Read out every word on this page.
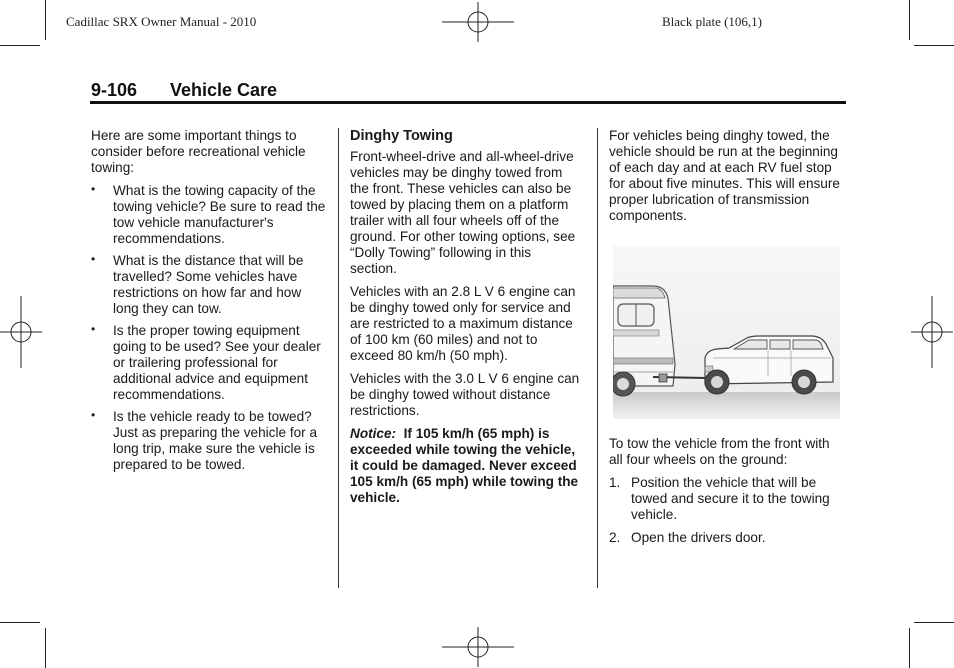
Cadillac SRX Owner Manual - 2010	Black plate (106,1)
9-106 Vehicle Care

Here are some important things to consider before recreational vehicle towing:

• What is the towing capacity of the towing vehicle? Be sure to read the tow vehicle manufacturer's recommendations.
• What is the distance that will be travelled? Some vehicles have restrictions on how far and how long they can tow.
• Is the proper towing equipment going to be used? See your dealer or trailering professional for additional advice and equipment recommendations.
• Is the vehicle ready to be towed? Just as preparing the vehicle for a long trip, make sure the vehicle is prepared to be towed.
Dinghy Towing

Front-wheel-drive and all-wheel-drive vehicles may be dinghy towed from the front. These vehicles can also be towed by placing them on a platform trailer with all four wheels off of the ground. For other towing options, see “Dolly Towing” following in this section.

Vehicles with an 2.8 L V 6 engine can be dinghy towed only for service and are restricted to a maximum distance of 100 km (60 miles) and not to exceed 80 km/h (50 mph).

Vehicles with the 3.0 L V 6 engine can be dinghy towed without distance restrictions.

Notice: If 105 km/h (65 mph) is exceeded while towing the vehicle, it could be damaged. Never exceed 105 km/h (65 mph) while towing the vehicle.

For vehicles being dinghy towed, the vehicle should be run at the beginning of each day and at each RV fuel stop for about five minutes. This will ensure proper lubrication of transmission components.

To tow the vehicle from the front with all four wheels on the ground:

1. Position the vehicle that will be towed and secure it to the towing vehicle.
2. Open the drivers door.
